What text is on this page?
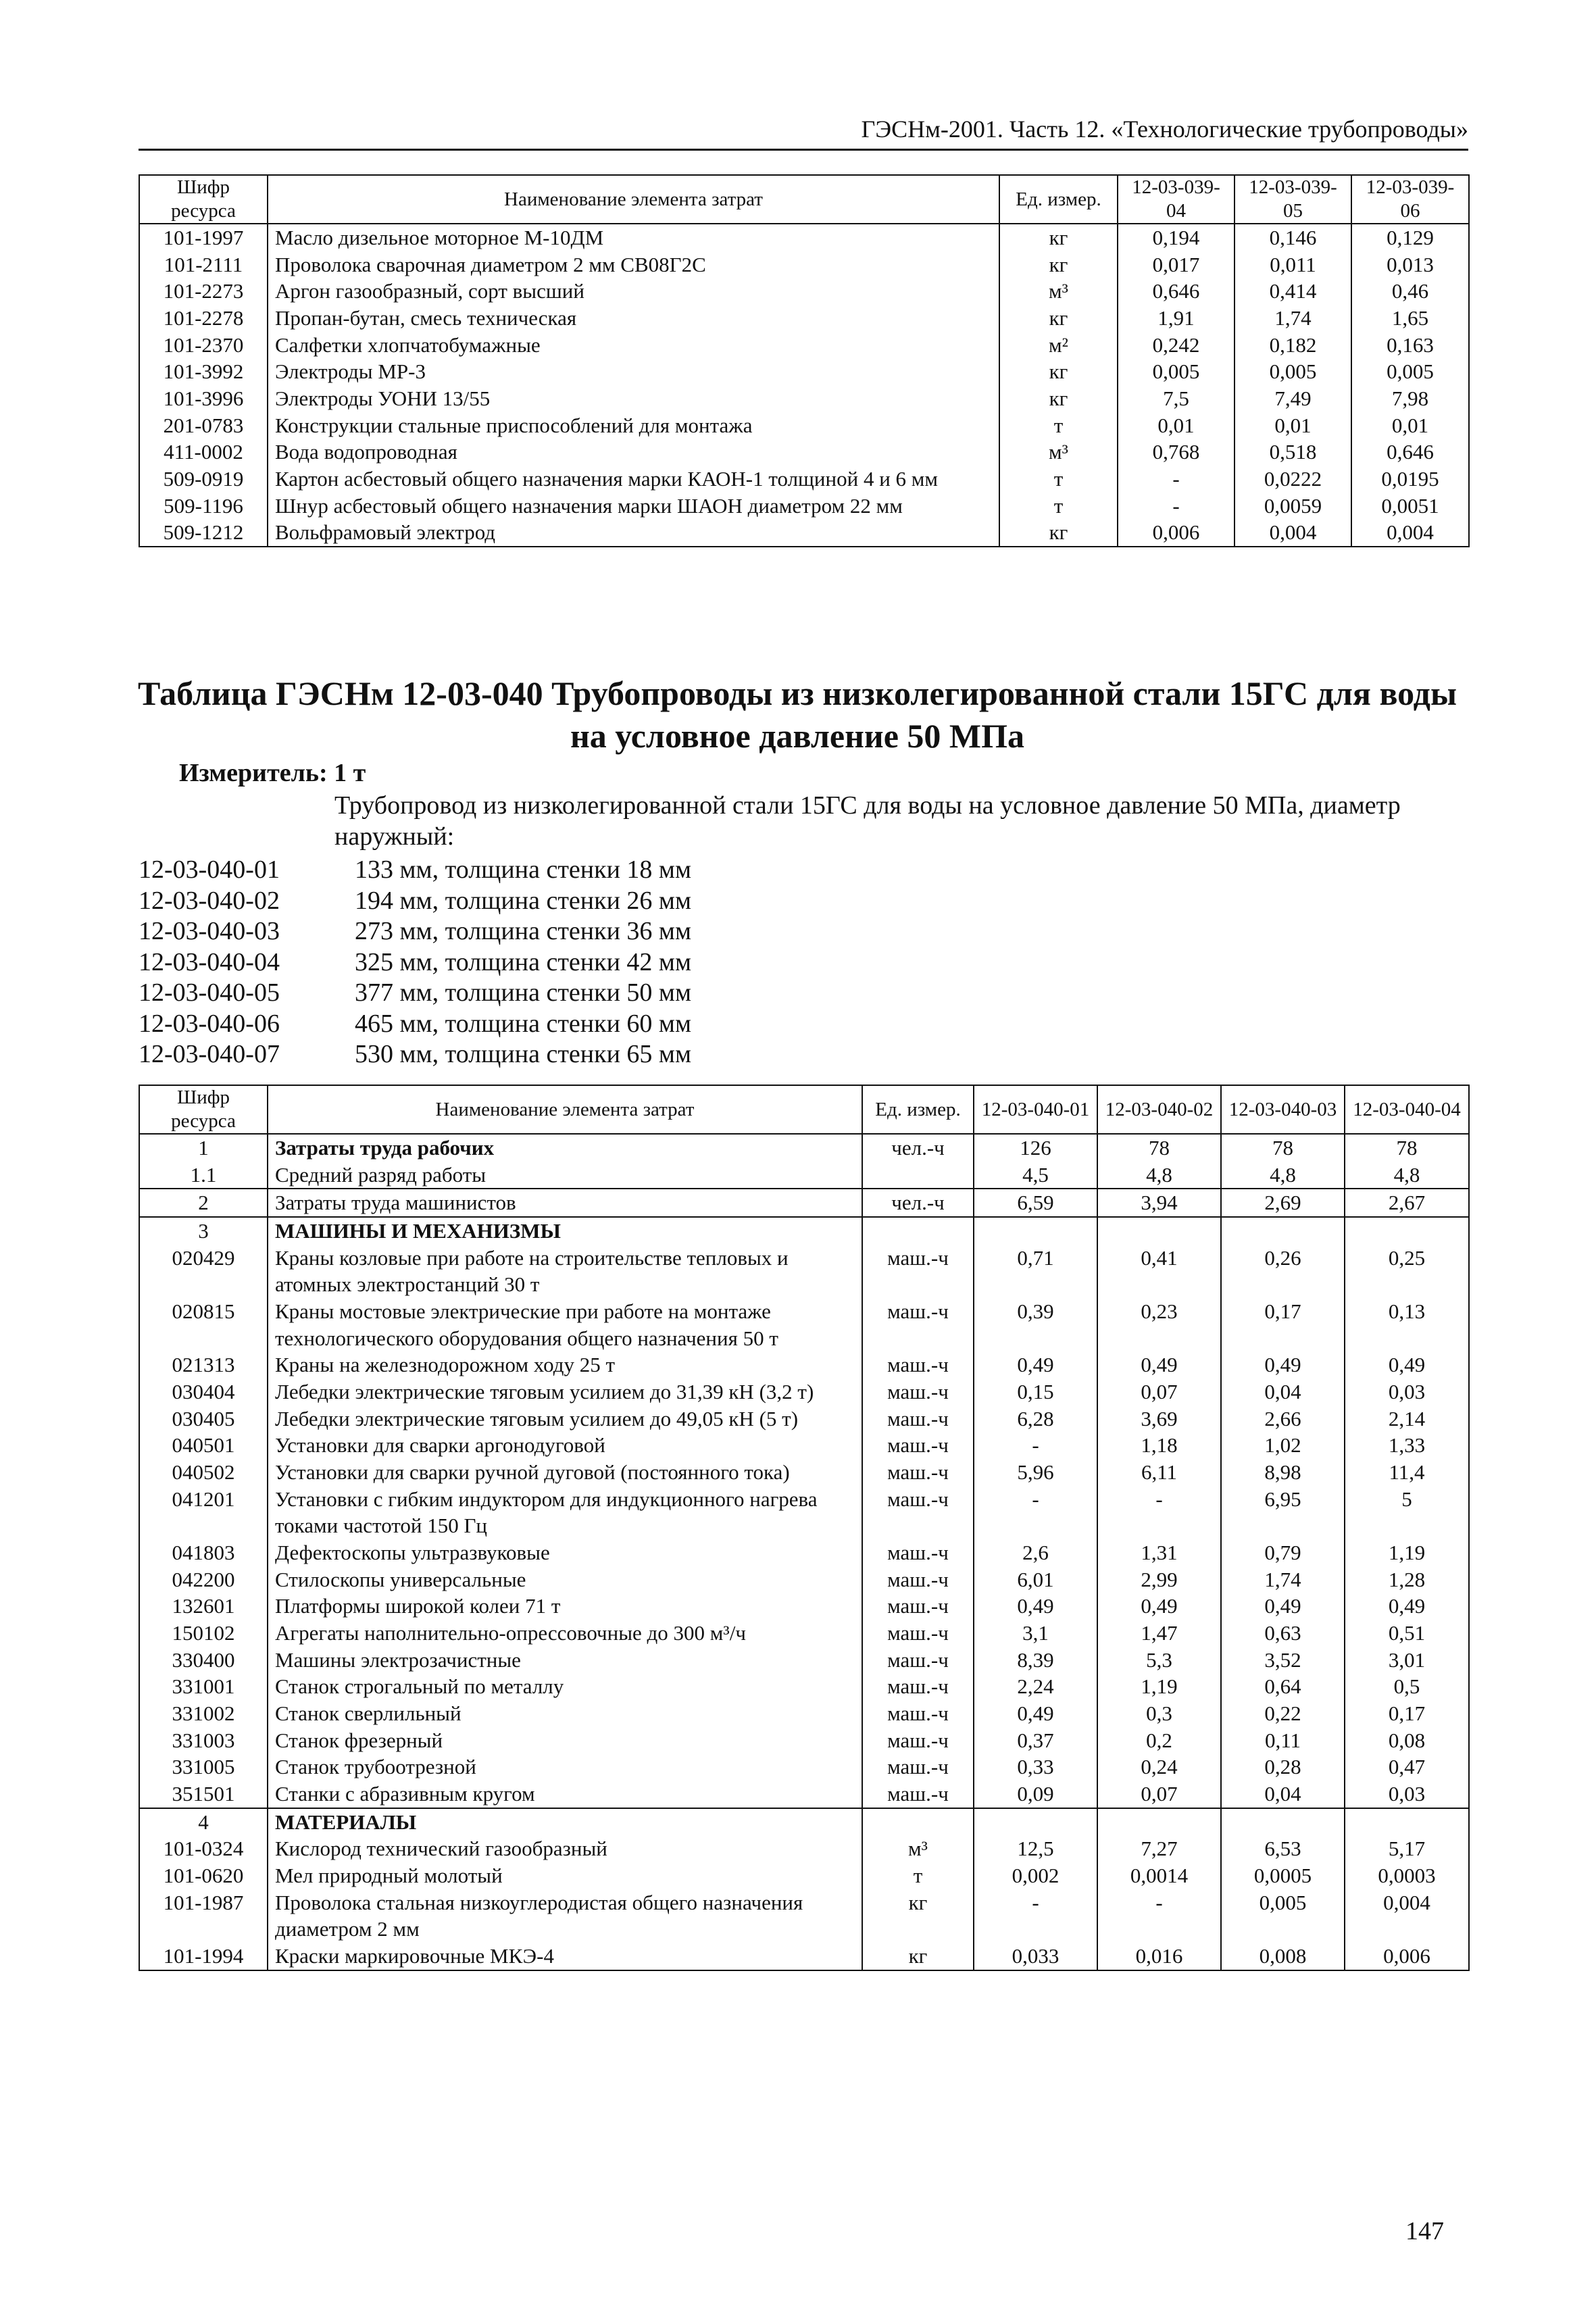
ГЭСНм-2001. Часть 12. «Технологические трубопроводы»
Шифр ресурса	Наименование элемента затрат	Ед. измер.	12-03-039-04	12-03-039-05	12-03-039-06
101-1997	Масло дизельное моторное М-10ДМ	кг	0,194	0,146	0,129
101-2111	Проволока сварочная диаметром 2 мм СВ08Г2С	кг	0,017	0,011	0,013
101-2273	Аргон газообразный, сорт высший	м³	0,646	0,414	0,46
101-2278	Пропан-бутан, смесь техническая	кг	1,91	1,74	1,65
101-2370	Салфетки хлопчатобумажные	м²	0,242	0,182	0,163
101-3992	Электроды МР-3	кг	0,005	0,005	0,005
101-3996	Электроды УОНИ 13/55	кг	7,5	7,49	7,98
201-0783	Конструкции стальные приспособлений для монтажа	т	0,01	0,01	0,01
411-0002	Вода водопроводная	м³	0,768	0,518	0,646
509-0919	Картон асбестовый общего назначения марки КАОН-1 толщиной 4 и 6 мм	т	-	0,0222	0,0195
509-1196	Шнур асбестовый общего назначения марки ШАОН диаметром 22 мм	т	-	0,0059	0,0051
509-1212	Вольфрамовый электрод	кг	0,006	0,004	0,004
Таблица ГЭСНм 12-03-040 Трубопроводы из низколегированной стали 15ГС для воды
на условное давление 50 МПа
Измеритель: 1 т
Трубопровод из низколегированной стали 15ГС для воды на условное давление 50 МПа, диаметр наружный:
12-03-040-01	133 мм, толщина стенки 18 мм
12-03-040-02	194 мм, толщина стенки 26 мм
12-03-040-03	273 мм, толщина стенки 36 мм
12-03-040-04	325 мм, толщина стенки 42 мм
12-03-040-05	377 мм, толщина стенки 50 мм
12-03-040-06	465 мм, толщина стенки 60 мм
12-03-040-07	530 мм, толщина стенки 65 мм
Шифр ресурса	Наименование элемента затрат	Ед. измер.	12-03-040-01	12-03-040-02	12-03-040-03	12-03-040-04
1	Затраты труда рабочих	чел.-ч	126	78	78	78
1.1	Средний разряд работы		4,5	4,8	4,8	4,8
2	Затраты труда машинистов	чел.-ч	6,59	3,94	2,69	2,67
3	МАШИНЫ И МЕХАНИЗМЫ					
020429	Краны козловые при работе на строительстве тепловых и атомных электростанций 30 т	маш.-ч	0,71	0,41	0,26	0,25
020815	Краны мостовые электрические при работе на монтаже технологического оборудования общего назначения 50 т	маш.-ч	0,39	0,23	0,17	0,13
021313	Краны на железнодорожном ходу 25 т	маш.-ч	0,49	0,49	0,49	0,49
030404	Лебедки электрические тяговым усилием до 31,39 кН (3,2 т)	маш.-ч	0,15	0,07	0,04	0,03
030405	Лебедки электрические тяговым усилием до 49,05 кН (5 т)	маш.-ч	6,28	3,69	2,66	2,14
040501	Установки для сварки аргонодуговой	маш.-ч	-	1,18	1,02	1,33
040502	Установки для сварки ручной дуговой (постоянного тока)	маш.-ч	5,96	6,11	8,98	11,4
041201	Установки с гибким индуктором для индукционного нагрева токами частотой 150 Гц	маш.-ч	-	-	6,95	5
041803	Дефектоскопы ультразвуковые	маш.-ч	2,6	1,31	0,79	1,19
042200	Стилоскопы универсальные	маш.-ч	6,01	2,99	1,74	1,28
132601	Платформы широкой колеи 71 т	маш.-ч	0,49	0,49	0,49	0,49
150102	Агрегаты наполнительно-опрессовочные до 300 м³/ч	маш.-ч	3,1	1,47	0,63	0,51
330400	Машины электрозачистные	маш.-ч	8,39	5,3	3,52	3,01
331001	Станок строгальный по металлу	маш.-ч	2,24	1,19	0,64	0,5
331002	Станок сверлильный	маш.-ч	0,49	0,3	0,22	0,17
331003	Станок фрезерный	маш.-ч	0,37	0,2	0,11	0,08
331005	Станок трубоотрезной	маш.-ч	0,33	0,24	0,28	0,47
351501	Станки с абразивным кругом	маш.-ч	0,09	0,07	0,04	0,03
4	МАТЕРИАЛЫ					
101-0324	Кислород технический газообразный	м³	12,5	7,27	6,53	5,17
101-0620	Мел природный молотый	т	0,002	0,0014	0,0005	0,0003
101-1987	Проволока стальная низкоуглеродистая общего назначения диаметром 2 мм	кг	-	-	0,005	0,004
101-1994	Краски маркировочные МКЭ-4	кг	0,033	0,016	0,008	0,006
147
